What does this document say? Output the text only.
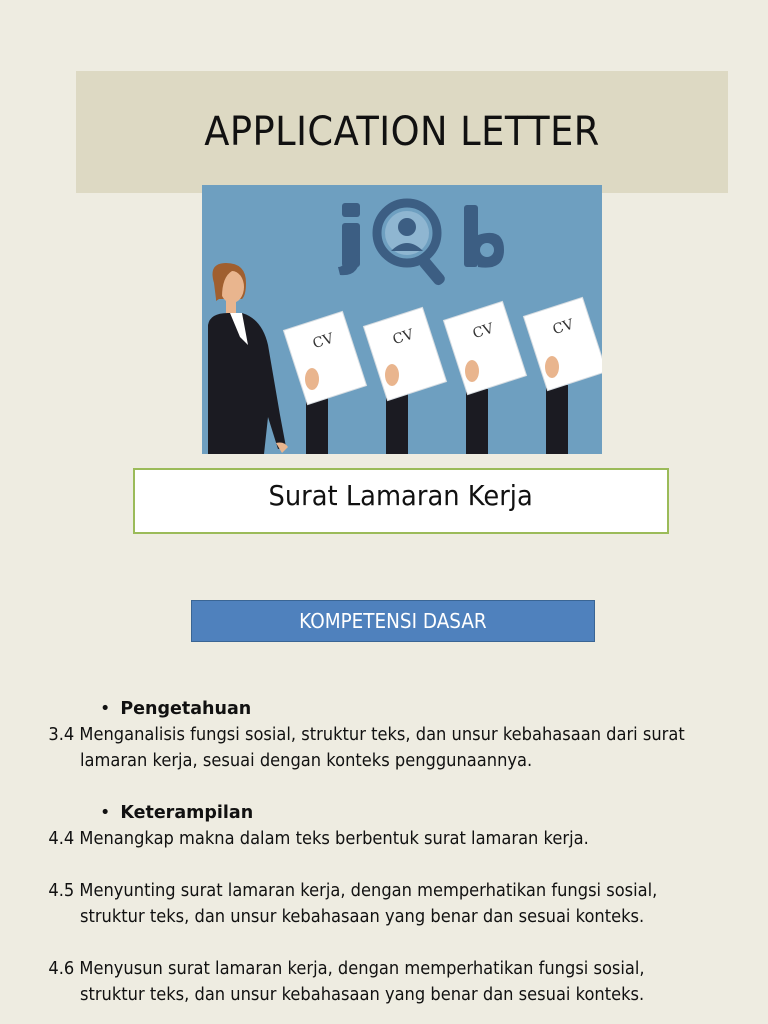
APPLICATION LETTER
CV	CV	CV	CV
Surat Lamaran Kerja
KOMPETENSI DASAR
• Pengetahuan
3.4 Menganalisis fungsi sosial, struktur teks, dan unsur kebahasaan dari surat lamaran kerja, sesuai dengan konteks penggunaannya.
• Keterampilan
4.4 Menangkap makna dalam teks berbentuk surat lamaran kerja.
4.5 Menyunting surat lamaran kerja, dengan memperhatikan fungsi sosial, struktur teks, dan unsur kebahasaan yang benar dan sesuai konteks.
4.6 Menyusun surat lamaran kerja, dengan memperhatikan fungsi sosial, struktur teks, dan unsur kebahasaan yang benar dan sesuai konteks.
